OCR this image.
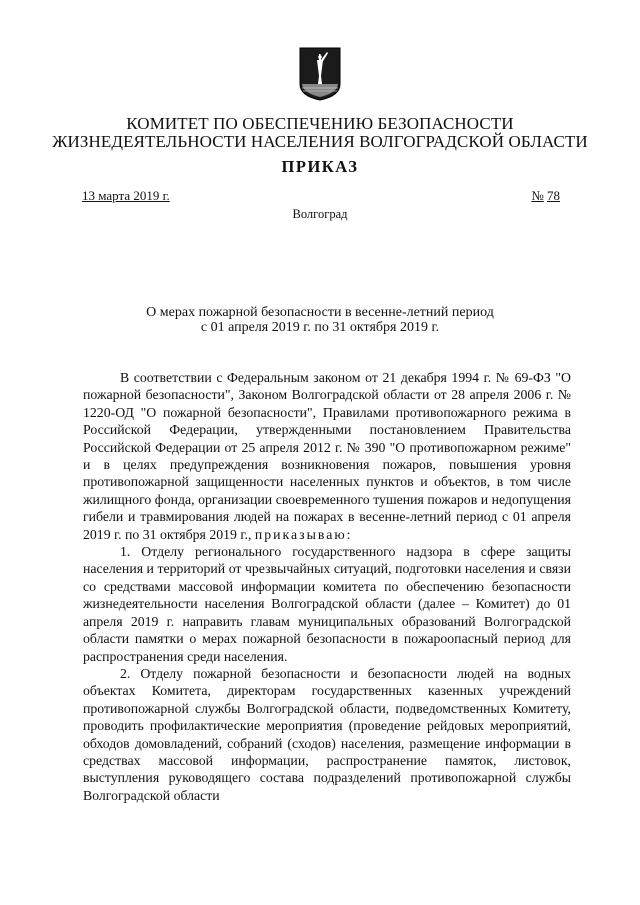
КОМИТЕТ ПО ОБЕСПЕЧЕНИЮ БЕЗОПАСНОСТИ
ЖИЗНЕДЕЯТЕЛЬНОСТИ НАСЕЛЕНИЯ ВОЛГОГРАДСКОЙ ОБЛАСТИ
ПРИКАЗ
13 марта 2019 г.	№ 78
Волгоград
О мерах пожарной безопасности в весенне-летний период
с 01 апреля 2019 г. по 31 октября 2019 г.

В соответствии с Федеральным законом от 21 декабря 1994 г. № 69-ФЗ "О пожарной безопасности", Законом Волгоградской области от 28 апреля 2006 г. № 1220-ОД "О пожарной безопасности", Правилами противопожарного режима в Российской Федерации, утвержденными постановлением Правительства Российской Федерации от 25 апреля 2012 г. № 390 "О противопожарном режиме" и в целях предупреждения возникновения пожаров, повышения уровня противопожарной защищенности населенных пунктов и объектов, в том числе жилищного фонда, организации своевременного тушения пожаров и недопущения гибели и травмирования людей на пожарах в весенне-летний период с 01 апреля 2019 г. по 31 октября 2019 г., приказываю:

1. Отделу регионального государственного надзора в сфере защиты населения и территорий от чрезвычайных ситуаций, подготовки населения и связи со средствами массовой информации комитета по обеспечению безопасности жизнедеятельности населения Волгоградской области (далее – Комитет) до 01 апреля 2019 г. направить главам муниципальных образований Волгоградской области памятки о мерах пожарной безопасности в пожароопасный период для распространения среди населения.

2. Отделу пожарной безопасности и безопасности людей на водных объектах Комитета, директорам государственных казенных учреждений противопожарной службы Волгоградской области, подведомственных Комитету, проводить профилактические мероприятия (проведение рейдовых мероприятий, обходов домовладений, собраний (сходов) населения, размещение информации в средствах массовой информации, распространение памяток, листовок, выступления руководящего состава подразделений противопожарной службы Волгоградской области
